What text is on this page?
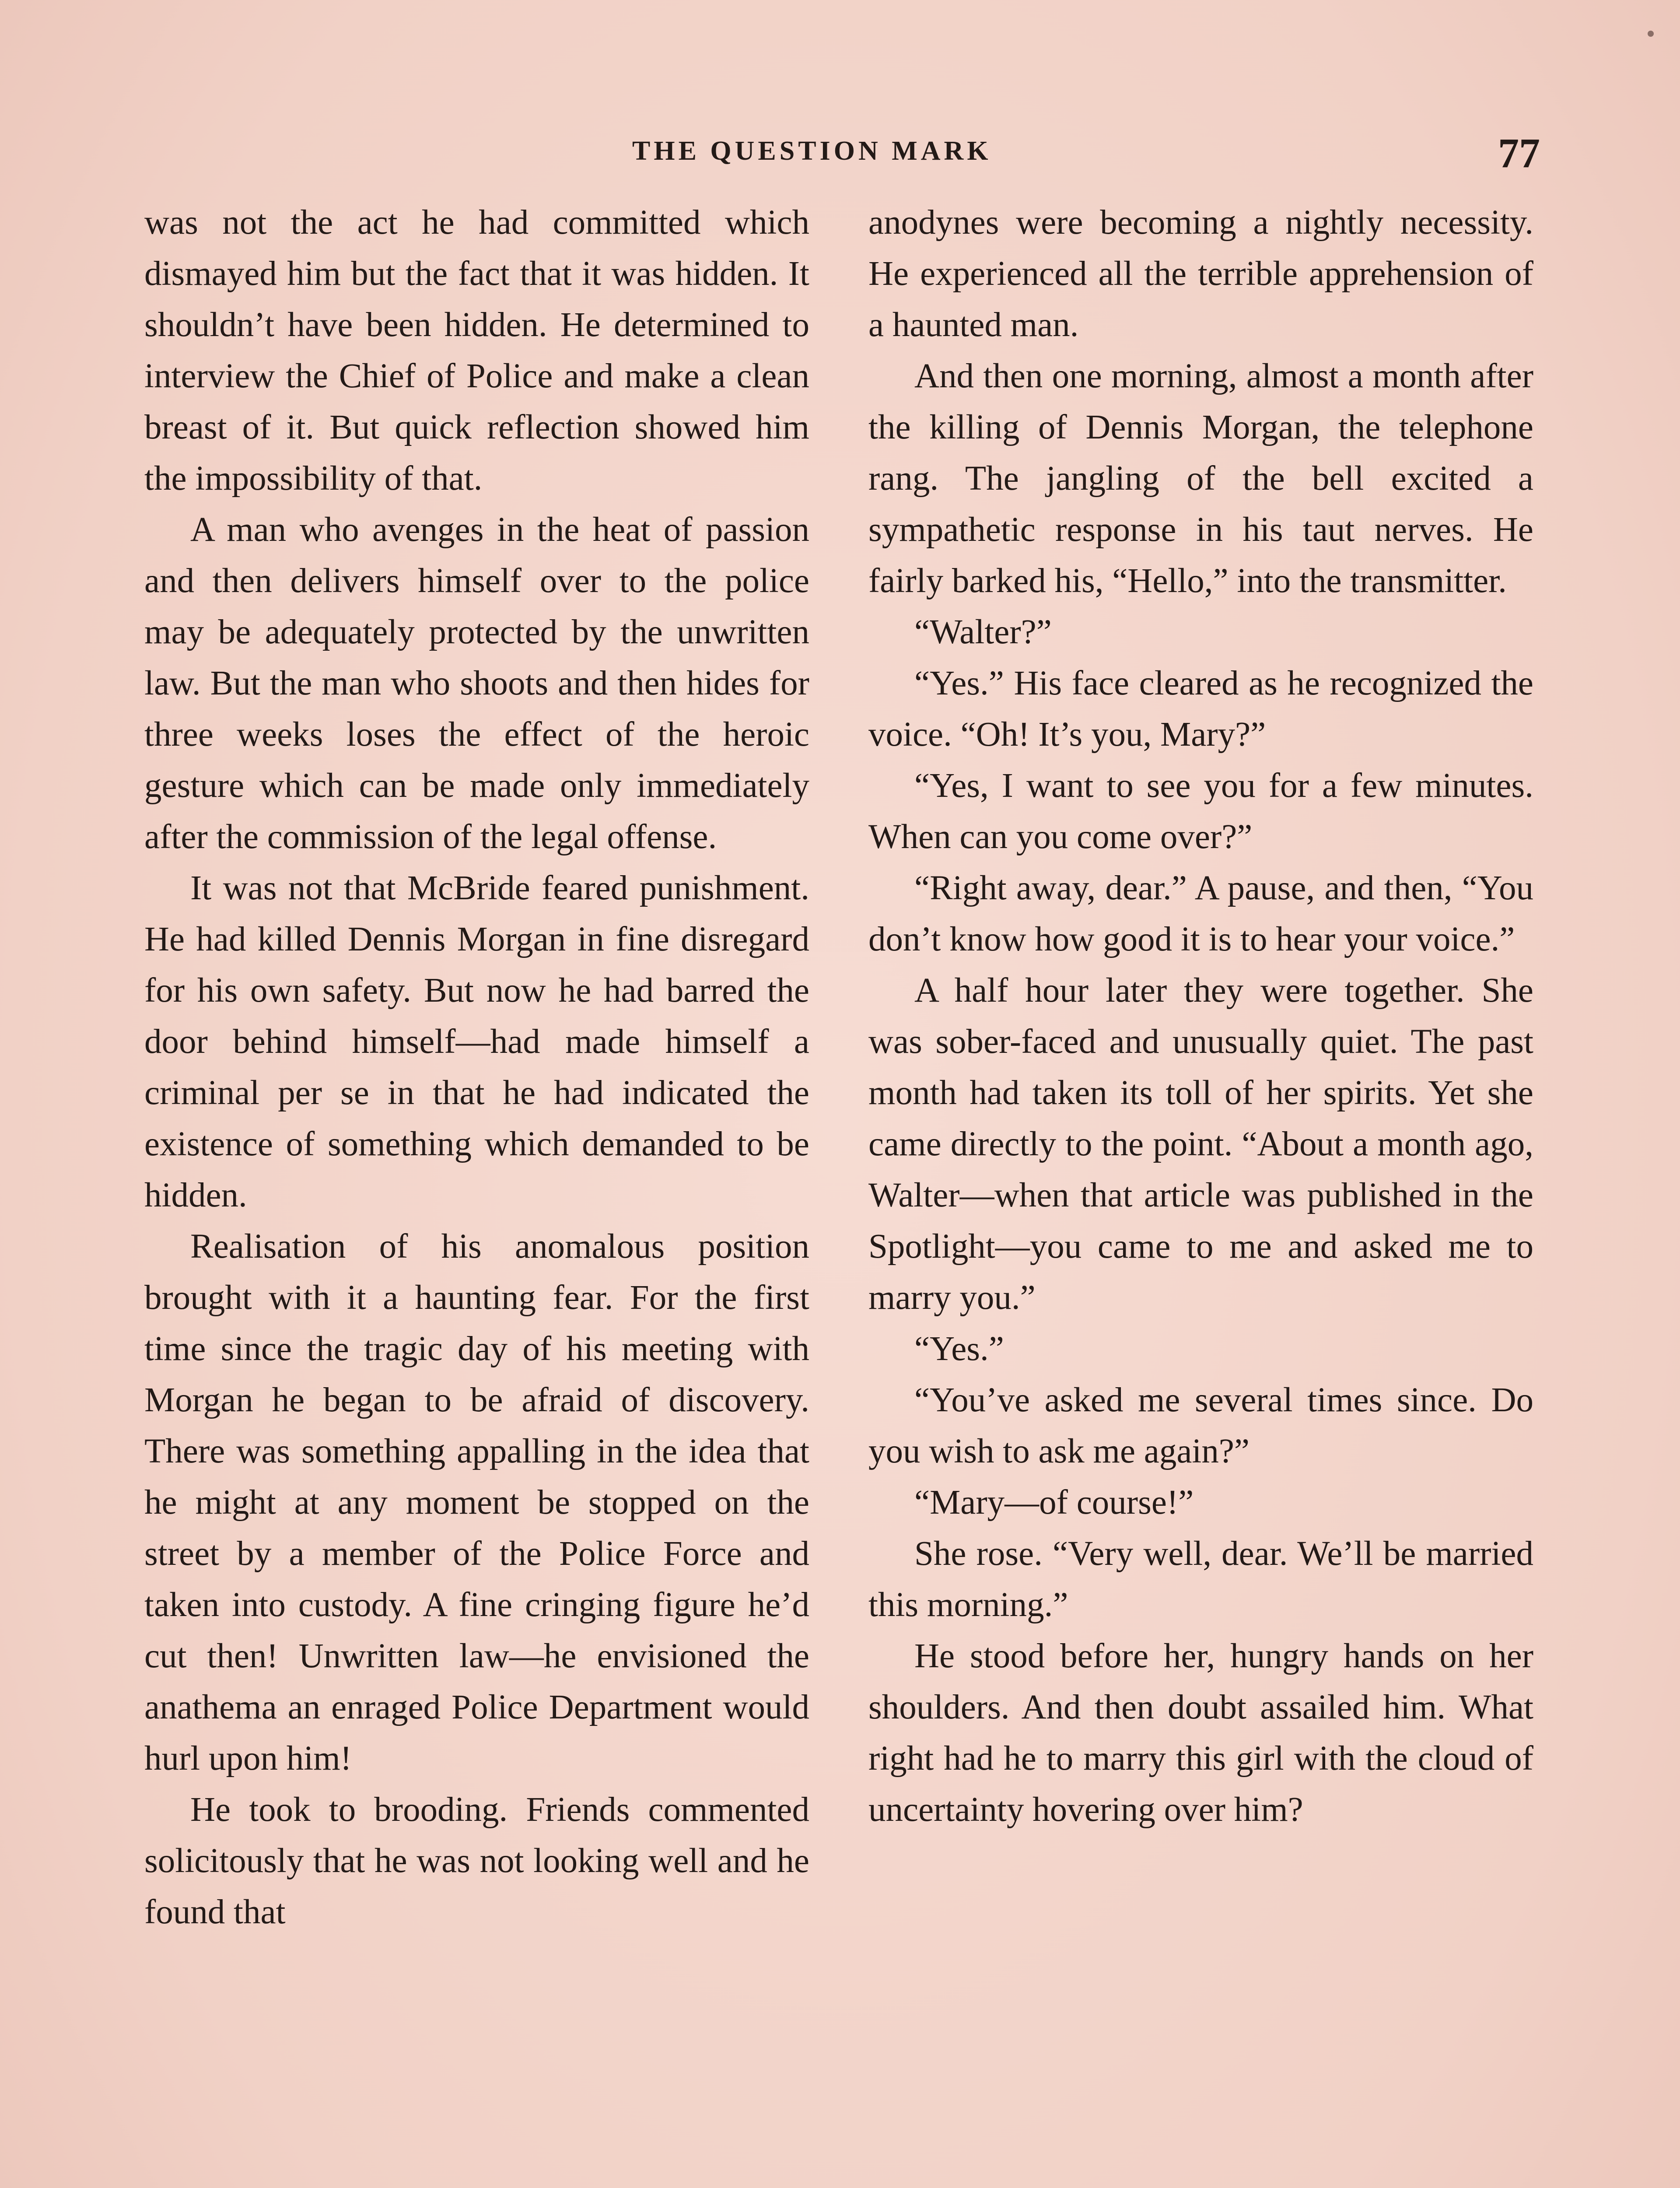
THE QUESTION MARK	77

was not the act he had committed which dismayed him but the fact that it was hidden. It shouldn’t have been hidden. He determined to interview the Chief of Police and make a clean breast of it. But quick reflection showed him the impossibility of that.

A man who avenges in the heat of passion and then delivers himself over to the police may be adequately protected by the unwritten law. But the man who shoots and then hides for three weeks loses the effect of the heroic gesture which can be made only immediately after the commission of the legal offense.

It was not that McBride feared punishment. He had killed Dennis Morgan in fine disregard for his own safety. But now he had barred the door behind himself—had made himself a criminal per se in that he had indicated the existence of something which demanded to be hidden.

Realisation of his anomalous position brought with it a haunting fear. For the first time since the tragic day of his meeting with Morgan he began to be afraid of discovery. There was something appalling in the idea that he might at any moment be stopped on the street by a member of the Police Force and taken into custody. A fine cringing figure he’d cut then! Unwritten law—he envisioned the anathema an enraged Police Department would hurl upon him!

He took to brooding. Friends commented solicitously that he was not looking well and he found that

anodynes were becoming a nightly necessity. He experienced all the terrible apprehension of a haunted man.

And then one morning, almost a month after the killing of Dennis Morgan, the telephone rang. The jangling of the bell excited a sympathetic response in his taut nerves. He fairly barked his, “Hello,” into the transmitter.

“Walter?”

“Yes.” His face cleared as he recognized the voice. “Oh! It’s you, Mary?”

“Yes, I want to see you for a few minutes. When can you come over?”

“Right away, dear.” A pause, and then, “You don’t know how good it is to hear your voice.”

A half hour later they were together. She was sober-faced and unusually quiet. The past month had taken its toll of her spirits. Yet she came directly to the point. “About a month ago, Walter—when that article was published in the Spotlight—you came to me and asked me to marry you.”

“Yes.”

“You’ve asked me several times since. Do you wish to ask me again?”

“Mary—of course!”

She rose. “Very well, dear. We’ll be married this morning.”

He stood before her, hungry hands on her shoulders. And then doubt assailed him. What right had he to marry this girl with the cloud of uncertainty hovering over him?
